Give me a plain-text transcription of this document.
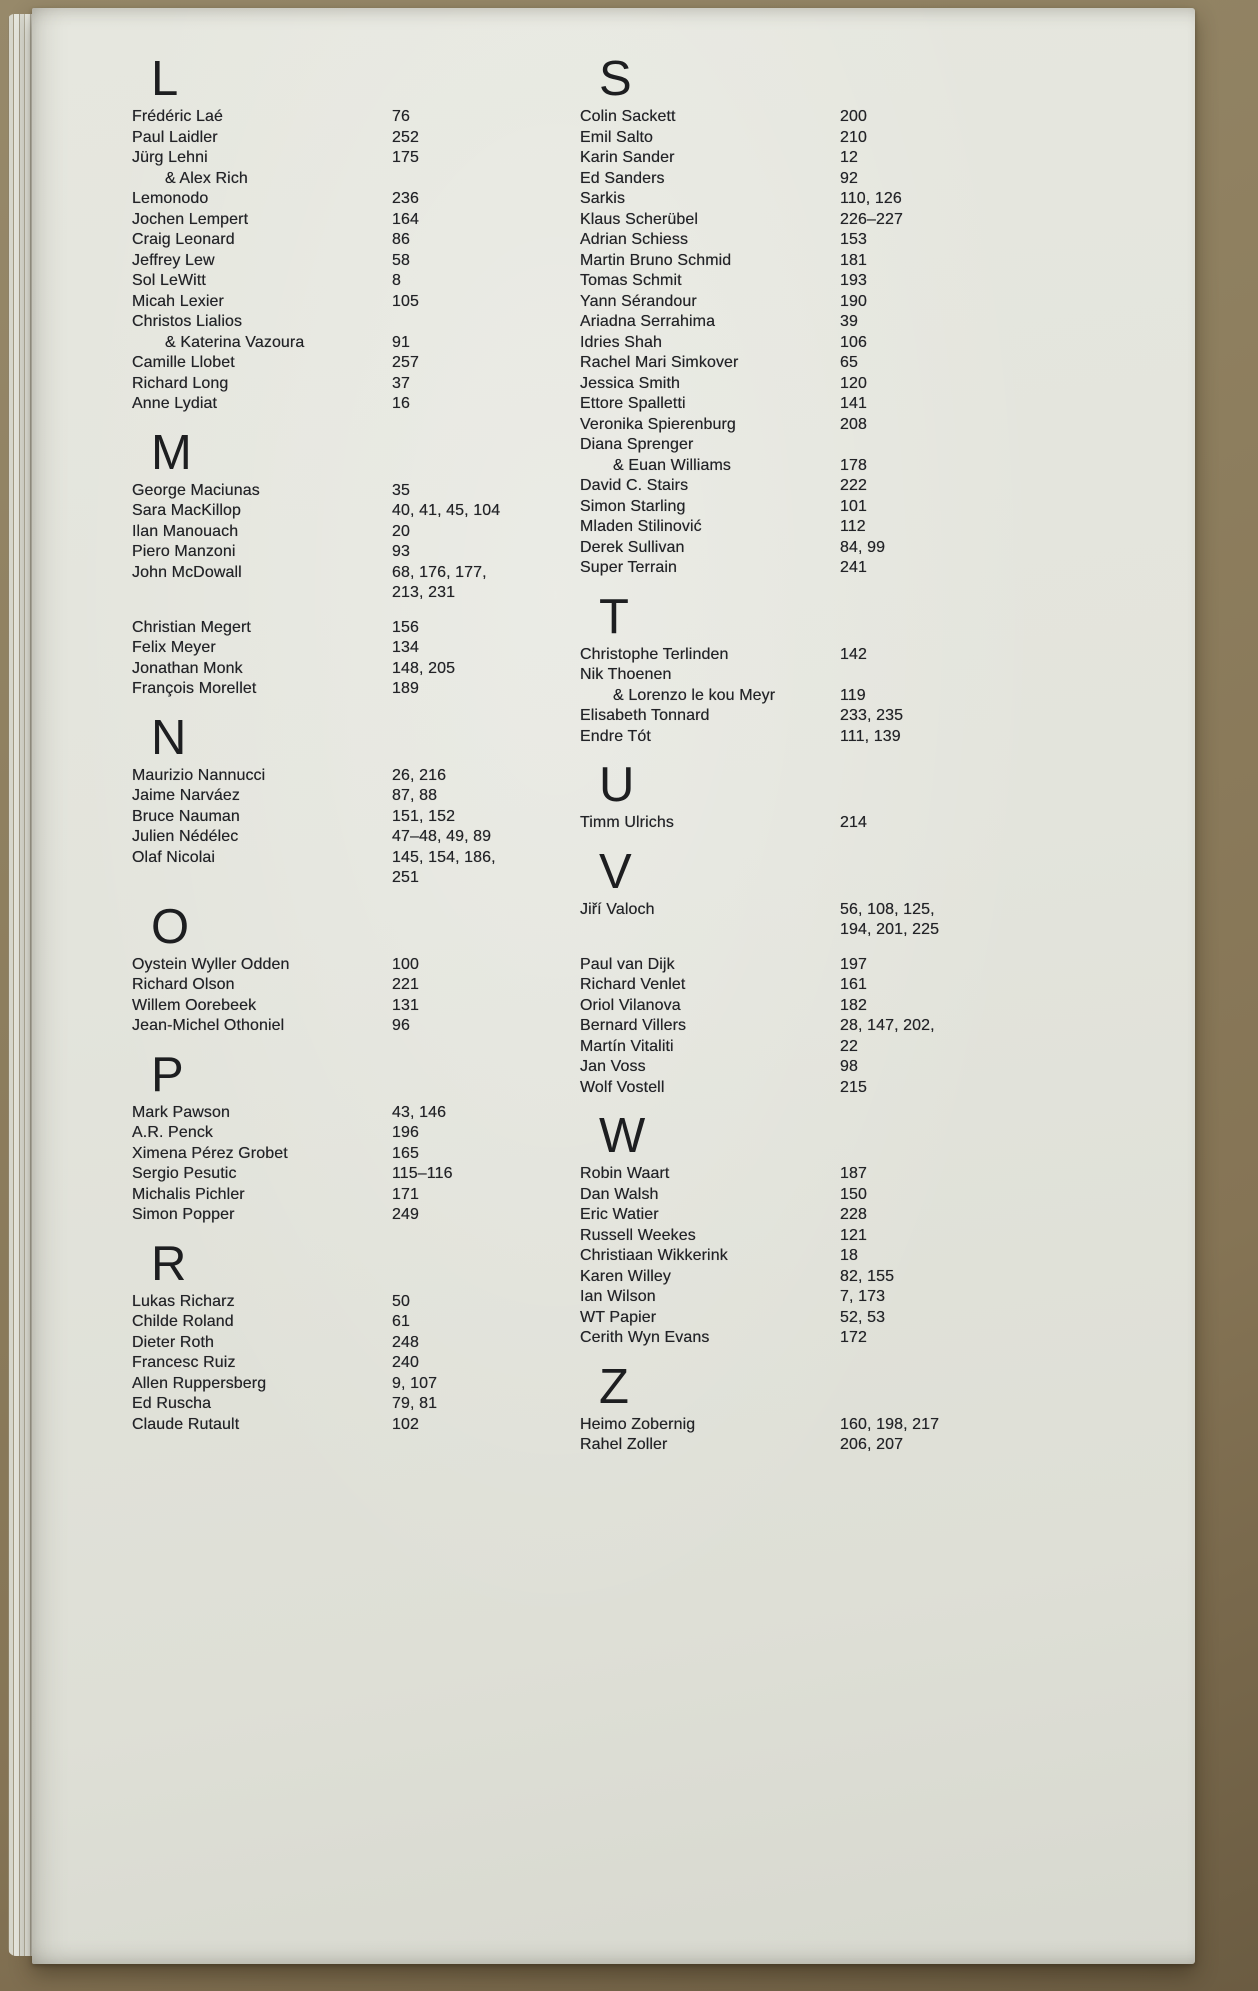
L
Frédéric Laé	76
Paul Laidler	252
Jürg Lehni	175
& Alex Rich
Lemonodo	236
Jochen Lempert	164
Craig Leonard	86
Jeffrey Lew	58
Sol LeWitt	8
Micah Lexier	105
Christos Lialios
& Katerina Vazoura	91
Camille Llobet	257
Richard Long	37
Anne Lydiat	16
M
George Maciunas	35
Sara MacKillop	40, 41, 45, 104
Ilan Manouach	20
Piero Manzoni	93
John McDowall	68, 176, 177,
213, 231
Christian Megert	156
Felix Meyer	134
Jonathan Monk	148, 205
François Morellet	189
N
Maurizio Nannucci	26, 216
Jaime Narváez	87, 88
Bruce Nauman	151, 152
Julien Nédélec	47–48, 49, 89
Olaf Nicolai	145, 154, 186,
251
O
Oystein Wyller Odden	100
Richard Olson	221
Willem Oorebeek	131
Jean-Michel Othoniel	96
P
Mark Pawson	43, 146
A.R. Penck	196
Ximena Pérez Grobet	165
Sergio Pesutic	115–116
Michalis Pichler	171
Simon Popper	249
R
Lukas Richarz	50
Childe Roland	61
Dieter Roth	248
Francesc Ruiz	240
Allen Ruppersberg	9, 107
Ed Ruscha	79, 81
Claude Rutault	102
S
Colin Sackett	200
Emil Salto	210
Karin Sander	12
Ed Sanders	92
Sarkis	110, 126
Klaus Scherübel	226–227
Adrian Schiess	153
Martin Bruno Schmid	181
Tomas Schmit	193
Yann Sérandour	190
Ariadna Serrahima	39
Idries Shah	106
Rachel Mari Simkover	65
Jessica Smith	120
Ettore Spalletti	141
Veronika Spierenburg	208
Diana Sprenger
& Euan Williams	178
David C. Stairs	222
Simon Starling	101
Mladen Stilinović	112
Derek Sullivan	84, 99
Super Terrain	241
T
Christophe Terlinden	142
Nik Thoenen
& Lorenzo le kou Meyr	119
Elisabeth Tonnard	233, 235
Endre Tót	111, 139
U
Timm Ulrichs	214
V
Jiří Valoch	56, 108, 125,
194, 201, 225
Paul van Dijk	197
Richard Venlet	161
Oriol Vilanova	182
Bernard Villers	28, 147, 202,
Martín Vitaliti	22
Jan Voss	98
Wolf Vostell	215
W
Robin Waart	187
Dan Walsh	150
Eric Watier	228
Russell Weekes	121
Christiaan Wikkerink	18
Karen Willey	82, 155
Ian Wilson	7, 173
WT Papier	52, 53
Cerith Wyn Evans	172
Z
Heimo Zobernig	160, 198, 217
Rahel Zoller	206, 207
